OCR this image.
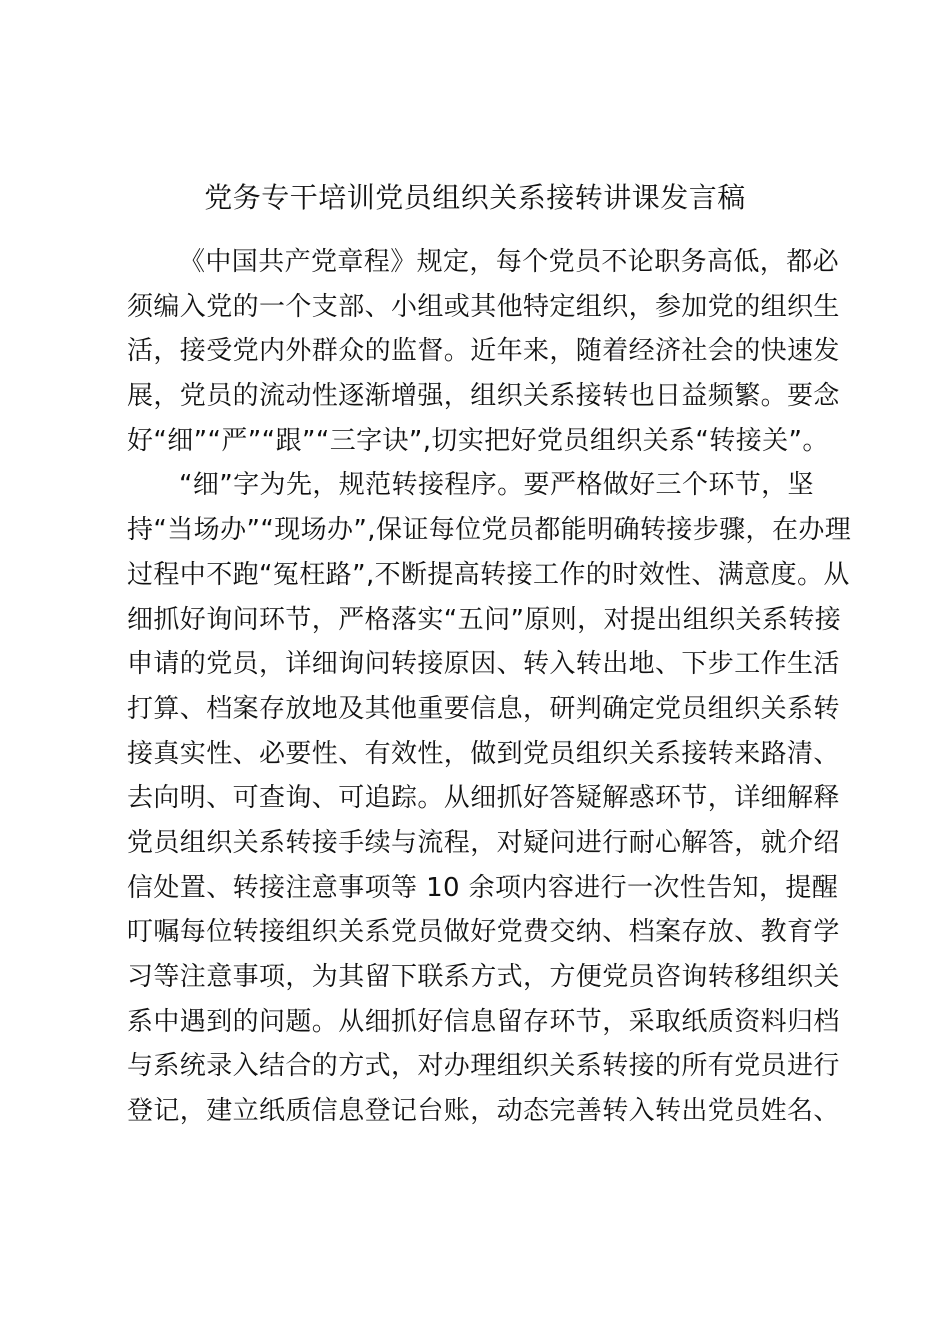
党务专干培训党员组织关系接转讲课发言稿
《中国共产党章程》规定，每个党员不论职务高低，都必
须编入党的一个支部、小组或其他特定组织，参加党的组织生
活，接受党内外群众的监督。近年来，随着经济社会的快速发
展，党员的流动性逐渐增强，组织关系接转也日益频繁。要念
好“细”“严”“跟”“三字诀”,切实把好党员组织关系“转接关”。
“细”字为先，规范转接程序。要严格做好三个环节，坚
持“当场办”“现场办”,保证每位党员都能明确转接步骤，在办理
过程中不跑“冤枉路”,不断提高转接工作的时效性、满意度。从
细抓好询问环节，严格落实“五问”原则，对提出组织关系转接
申请的党员，详细询问转接原因、转入转出地、下步工作生活
打算、档案存放地及其他重要信息，研判确定党员组织关系转
接真实性、必要性、有效性，做到党员组织关系接转来路清、
去向明、可查询、可追踪。从细抓好答疑解惑环节，详细解释
党员组织关系转接手续与流程，对疑问进行耐心解答，就介绍
信处置、转接注意事项等 10 余项内容进行一次性告知，提醒
叮嘱每位转接组织关系党员做好党费交纳、档案存放、教育学
习等注意事项，为其留下联系方式，方便党员咨询转移组织关
系中遇到的问题。从细抓好信息留存环节，采取纸质资料归档
与系统录入结合的方式，对办理组织关系转接的所有党员进行
登记，建立纸质信息登记台账，动态完善转入转出党员姓名、
